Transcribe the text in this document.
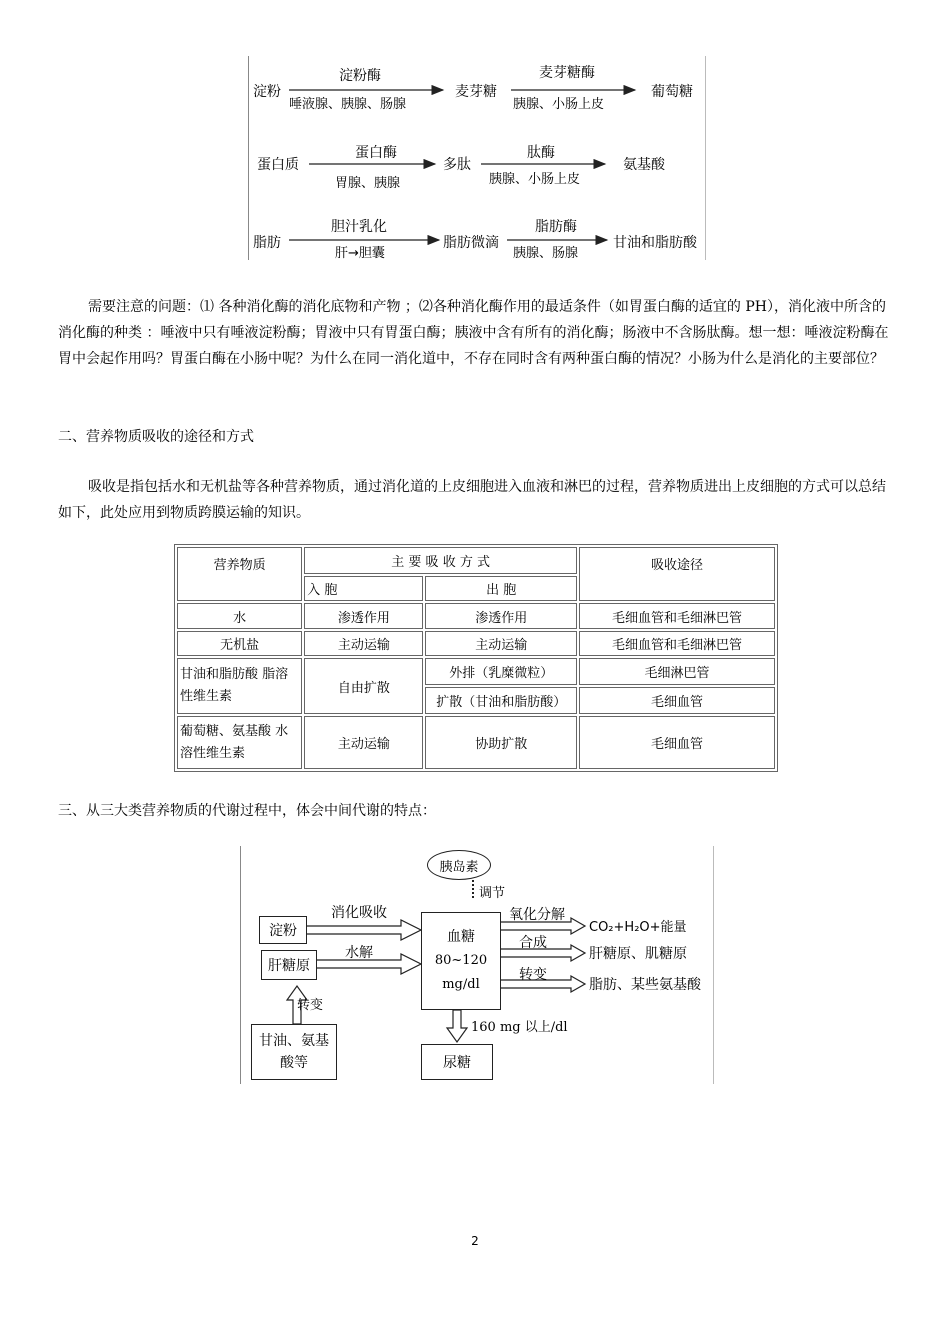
淀粉
淀粉酶
唾液腺、胰腺、肠腺
麦芽糖
麦芽糖酶
胰腺、小肠上皮
葡萄糖
蛋白质
蛋白酶
胃腺、胰腺
多肽
肽酶
胰腺、小肠上皮
氨基酸
脂肪
胆汁乳化
肝→胆囊
脂肪微滴
脂肪酶
胰腺、肠腺
甘油和脂肪酸
需要注意的问题：⑴ 各种消化酶的消化底物和产物 ；⑵各种消化酶作用的最适条件（如胃蛋白酶的适宜的 PH），消化液中所含的消化酶的种类 ：唾液中只有唾液淀粉酶；胃液中只有胃蛋白酶；胰液中含有所有的消化酶；肠液中不含肠肽酶。想一想：唾液淀粉酶在胃中会起作用吗？胃蛋白酶在小肠中呢？为什么在同一消化道中，不存在同时含有两种蛋白酶的情况？小肠为什么是消化的主要部位？
二、营养物质吸收的途径和方式
吸收是指包括水和无机盐等各种营养物质，通过消化道的上皮细胞进入血液和淋巴的过程，营养物质进出上皮细胞的方式可以总结如下，此处应用到物质跨膜运输的知识。
营养物质	主 要 吸 收 方 式		吸收途径
	入 胞	出 胞	
水	渗透作用	渗透作用	毛细血管和毛细淋巴管
无机盐	主动运输	主动运输	毛细血管和毛细淋巴管
甘油和脂肪酸 脂溶性维生素	自由扩散	外排（乳糜微粒）	毛细淋巴管
		扩散（甘油和脂肪酸）	毛细血管
葡萄糖、氨基酸 水溶性维生素	主动运输	协助扩散	毛细血管
三、从三大类营养物质的代谢过程中，体会中间代谢的特点：
胰岛素
调节
淀粉
消化吸收
肝糖原
水解
转变
甘油、氨基酸等
血糖
80~120
mg/dl
氧化分解
CO₂+H₂O+能量
合成
肝糖原、肌糖原
转变
脂肪、某些氨基酸
160 mg 以上/dl
尿糖
2
